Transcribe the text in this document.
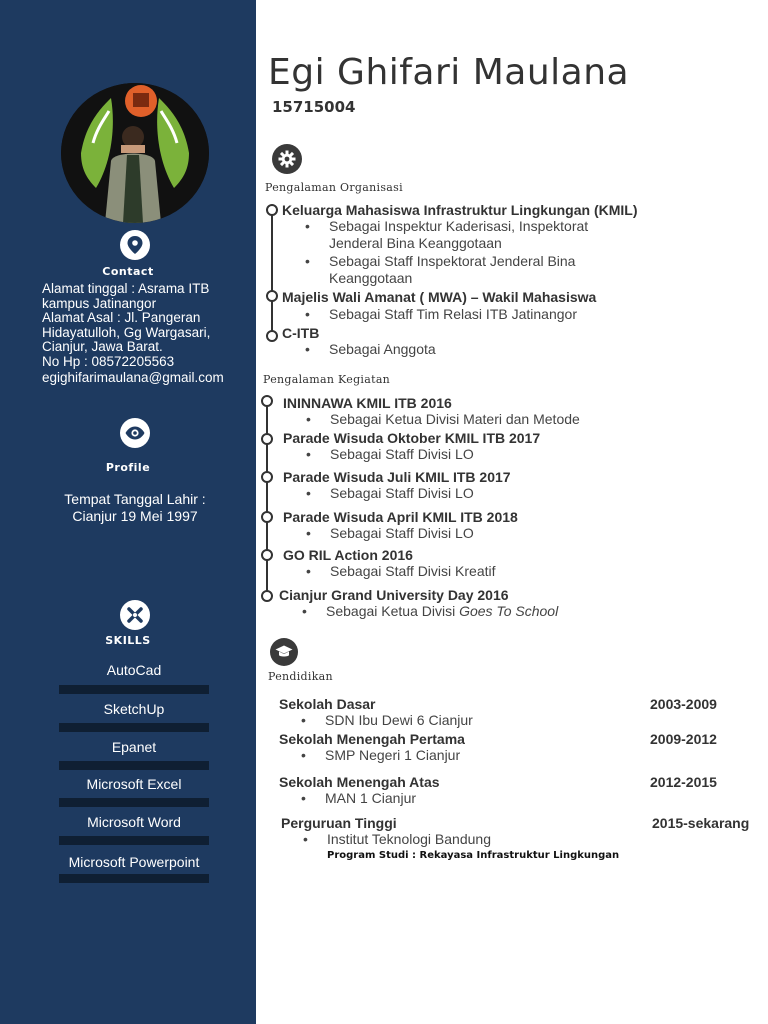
Contact
Alamat tinggal : Asrama ITB kampus Jatinangor
Alamat Asal : Jl. Pangeran Hidayatulloh, Gg Wargasari, Cianjur, Jawa Barat.
No Hp : 08572205563
egighifarimaulana@gmail.com
Profile
Tempat Tanggal Lahir :
Cianjur 19 Mei 1997
SKILLS
AutoCad
SketchUp
Epanet
Microsoft Excel
Microsoft Word
Microsoft Powerpoint
Egi Ghifari Maulana
15715004
Pengalaman Organisasi
Keluarga Mahasiswa Infrastruktur Lingkungan (KMIL)
• Sebagai Inspektur Kaderisasi, Inspektorat Jenderal Bina Keanggotaan
• Sebagai Staff Inspektorat Jenderal Bina Keanggotaan
Majelis Wali Amanat ( MWA) – Wakil Mahasiswa
• Sebagai Staff Tim Relasi ITB Jatinangor
C-ITB
• Sebagai Anggota
Pengalaman Kegiatan
ININNAWA KMIL ITB 2016
• Sebagai Ketua Divisi Materi dan Metode
Parade Wisuda Oktober KMIL ITB 2017
• Sebagai Staff Divisi LO
Parade Wisuda Juli KMIL ITB 2017
• Sebagai Staff Divisi LO
Parade Wisuda April KMIL ITB 2018
• Sebagai Staff Divisi LO
GO RIL Action 2016
• Sebagai Staff Divisi Kreatif
Cianjur Grand University Day 2016
• Sebagai Ketua Divisi Goes To School
Pendidikan
Sekolah Dasar	2003-2009
• SDN Ibu Dewi 6 Cianjur
Sekolah Menengah Pertama	2009-2012
• SMP Negeri 1 Cianjur
Sekolah Menengah Atas	2012-2015
• MAN 1 Cianjur
Perguruan Tinggi	2015-sekarang
• Institut Teknologi Bandung
Program Studi : Rekayasa Infrastruktur Lingkungan
